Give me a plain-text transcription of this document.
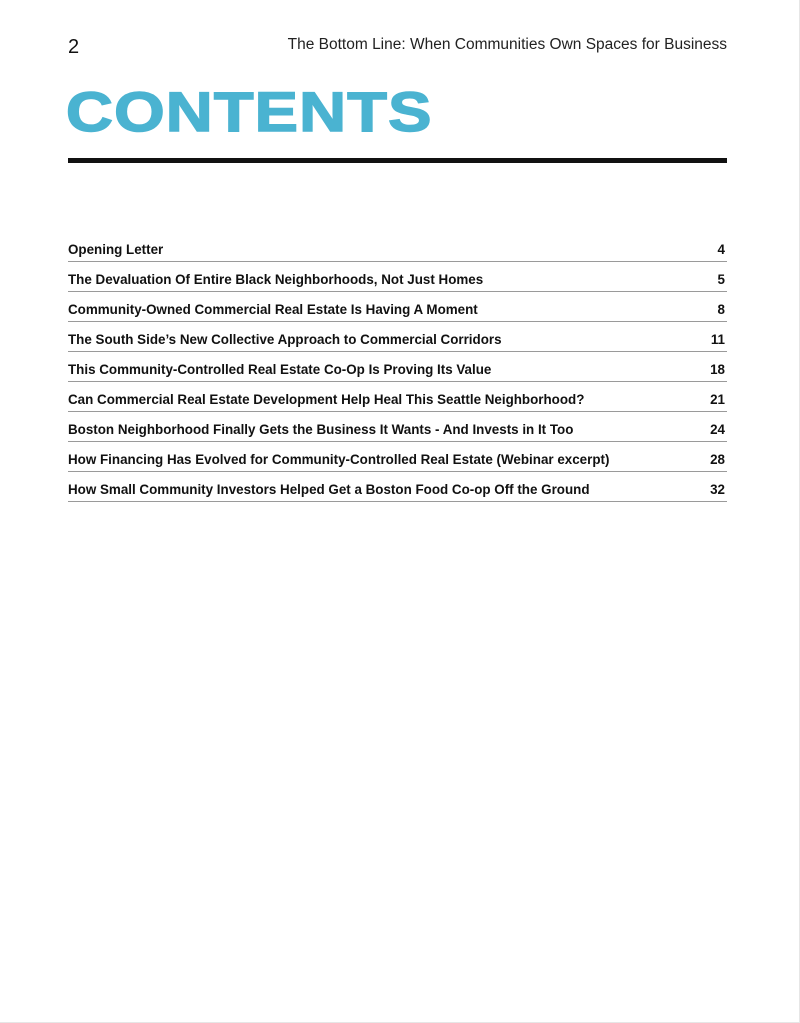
2	The Bottom Line: When Communities Own Spaces for Business
CONTENTS
Opening Letter	4
The Devaluation Of Entire Black Neighborhoods, Not Just Homes	5
Community-Owned Commercial Real Estate Is Having A Moment	8
The South Side’s New Collective Approach to Commercial Corridors	11
This Community-Controlled Real Estate Co-Op Is Proving Its Value	18
Can Commercial Real Estate Development Help Heal This Seattle Neighborhood?	21
Boston Neighborhood Finally Gets the Business It Wants - And Invests in It Too	24
How Financing Has Evolved for Community-Controlled Real Estate (Webinar excerpt)	28
How Small Community Investors Helped Get a Boston Food Co-op Off the Ground	32
